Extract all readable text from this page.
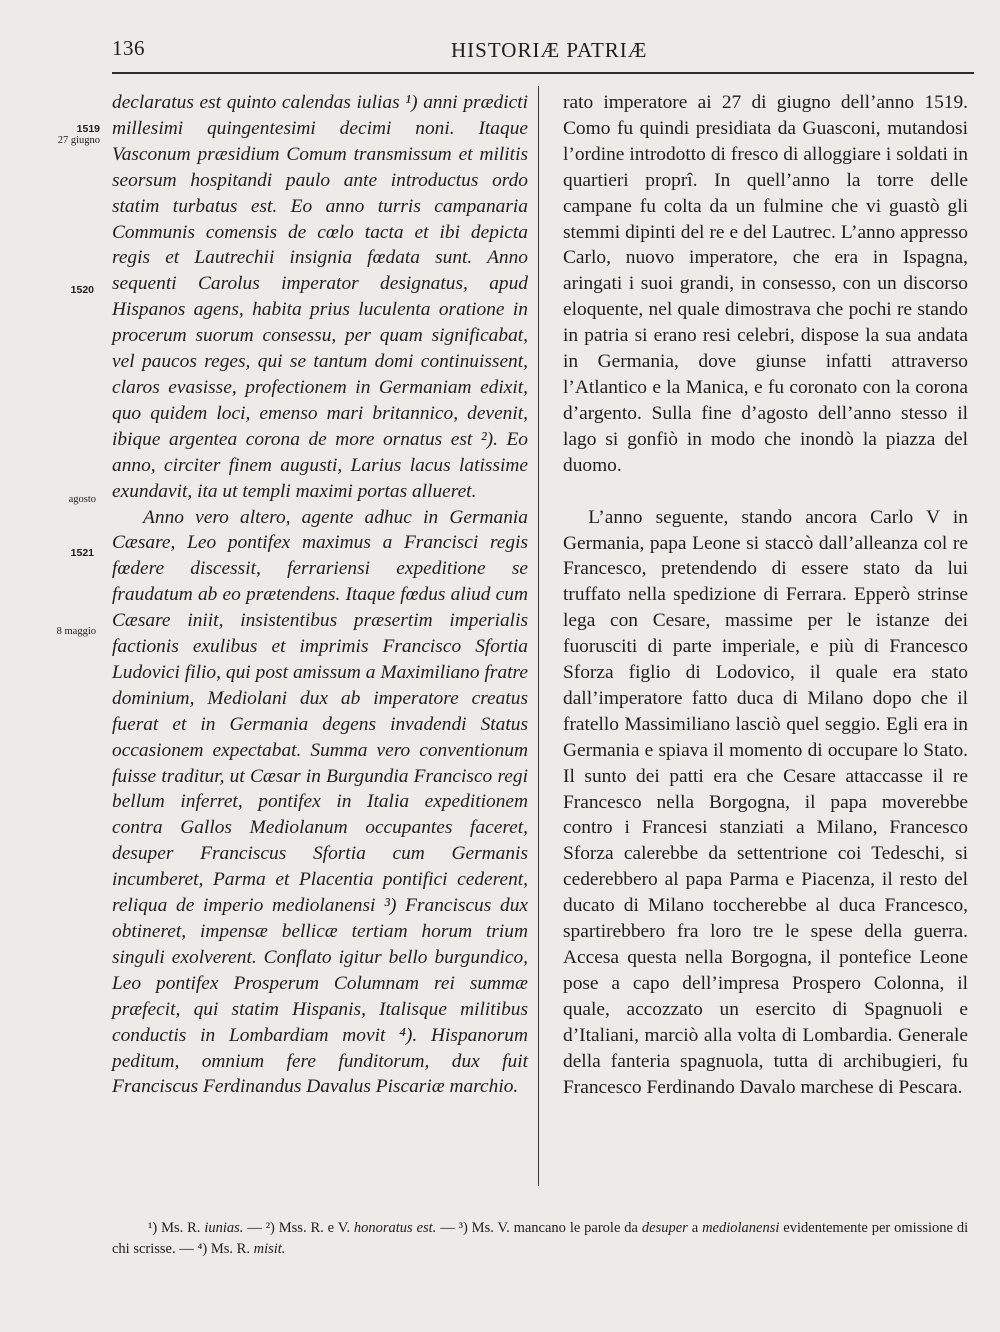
136	HISTORIÆ PATRIÆ
1519
27 giugno
1520
agosto
1521
8 maggio

declaratus est quinto calendas iulias ¹) anni prædicti millesimi quingentesimi decimi noni. Itaque Vasconum præsidium Comum transmissum et militis seorsum hospitandi paulo ante introductus ordo statim turbatus est. Eo anno turris campanaria Communis comensis de cœlo tacta et ibi depicta regis et Lautrechii insignia fœdata sunt. Anno sequenti Carolus imperator designatus, apud Hispanos agens, habita prius luculenta oratione in procerum suorum consessu, per quam significabat, vel paucos reges, qui se tantum domi continuissent, claros evasisse, profectionem in Germaniam edixit, quo quidem loci, emenso mari britannico, devenit, ibique argentea corona de more ornatus est ²). Eo anno, circiter finem augusti, Larius lacus latissime exundavit, ita ut templi maximi portas allueret.

Anno vero altero, agente adhuc in Germania Cæsare, Leo pontifex maximus a Francisci regis fœdere discessit, ferrariensi expeditione se fraudatum ab eo prætendens. Itaque fœdus aliud cum Cæsare iniit, insistentibus præsertim imperialis factionis exulibus et imprimis Francisco Sfortia Ludovici filio, qui post amissum a Maximiliano fratre dominium, Mediolani dux ab imperatore creatus fuerat et in Germania degens invadendi Status occasionem expectabat. Summa vero conventionum fuisse traditur, ut Cæsar in Burgundia Francisco regi bellum inferret, pontifex in Italia expeditionem contra Gallos Mediolanum occupantes faceret, desuper Franciscus Sfortia cum Germanis incumberet, Parma et Placentia pontifici cederent, reliqua de imperio mediolanensi ³) Franciscus dux obtineret, impensæ bellicæ tertiam horum trium singuli exolverent. Conflato igitur bello burgundico, Leo pontifex Prosperum Columnam rei summæ præfecit, qui statim Hispanis, Italisque militibus conductis in Lombardiam movit ⁴). Hispanorum peditum, omnium fere funditorum, dux fuit Franciscus Ferdinandus Davalus Piscariæ marchio.

rato imperatore ai 27 di giugno dell’anno 1519. Como fu quindi presidiata da Guasconi, mutandosi l’ordine introdotto di fresco di alloggiare i soldati in quartieri proprî. In quell’anno la torre delle campane fu colta da un fulmine che vi guastò gli stemmi dipinti del re e del Lautrec. L’anno appresso Carlo, nuovo imperatore, che era in Ispagna, aringati i suoi grandi, in consesso, con un discorso eloquente, nel quale dimostrava che pochi re stando in patria si erano resi celebri, dispose la sua andata in Germania, dove giunse infatti attraverso l’Atlantico e la Manica, e fu coronato con la corona d’argento. Sulla fine d’agosto dell’anno stesso il lago si gonfiò in modo che inondò la piazza del duomo.

L’anno seguente, stando ancora Carlo V in Germania, papa Leone si staccò dall’alleanza col re Francesco, pretendendo di essere stato da lui truffato nella spedizione di Ferrara. Epperò strinse lega con Cesare, massime per le istanze dei fuorusciti di parte imperiale, e più di Francesco Sforza figlio di Lodovico, il quale era stato dall’imperatore fatto duca di Milano dopo che il fratello Massimiliano lasciò quel seggio. Egli era in Germania e spiava il momento di occupare lo Stato. Il sunto dei patti era che Cesare attaccasse il re Francesco nella Borgogna, il papa moverebbe contro i Francesi stanziati a Milano, Francesco Sforza calerebbe da settentrione coi Tedeschi, si cederebbero al papa Parma e Piacenza, il resto del ducato di Milano toccherebbe al duca Francesco, spartirebbero fra loro tre le spese della guerra. Accesa questa nella Borgogna, il pontefice Leone pose a capo dell’impresa Prospero Colonna, il quale, accozzato un esercito di Spagnuoli e d’Italiani, marciò alla volta di Lombardia. Generale della fanteria spagnuola, tutta di archibugieri, fu Francesco Ferdinando Davalo marchese di Pescara.

¹) Ms. R. iunias. — ²) Mss. R. e V. honoratus est. — ³) Ms. V. mancano le parole da desuper a mediolanensi evidentemente per omissione di chi scrisse. — ⁴) Ms. R. misit.
